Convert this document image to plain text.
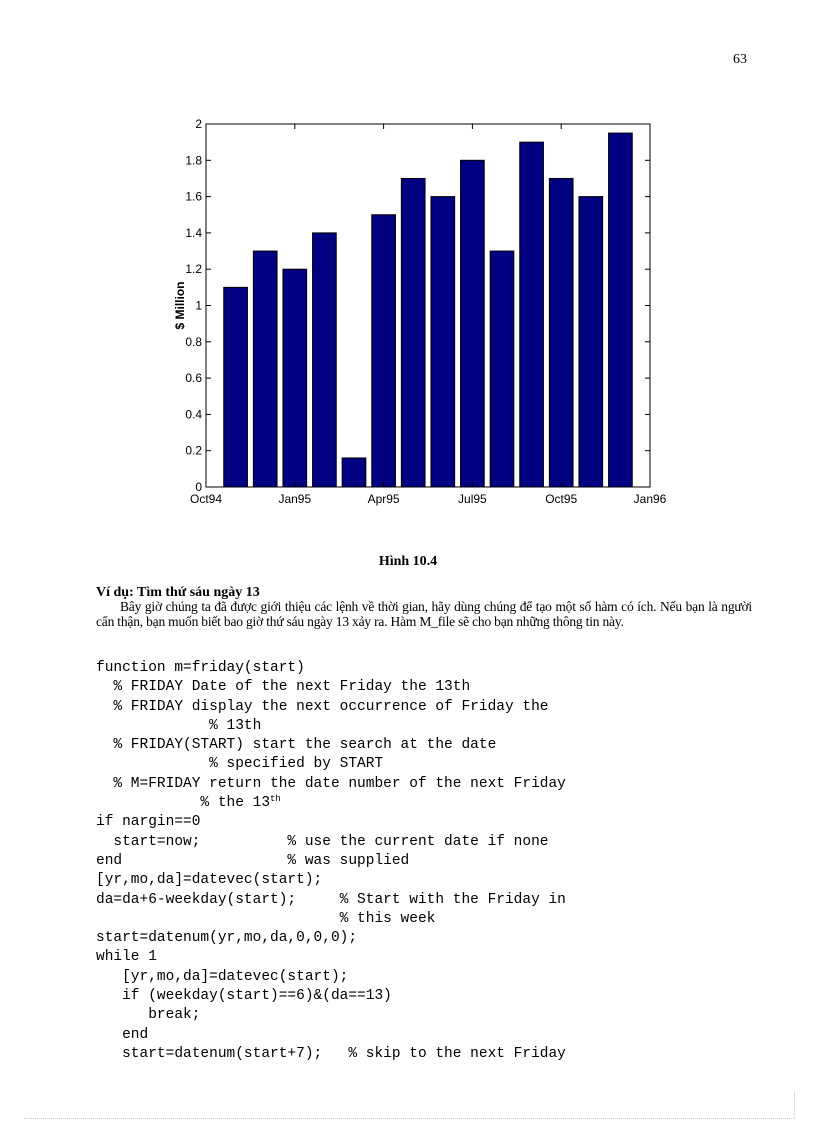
63
0
0.2
0.4
0.6
0.8
1
1.2
1.4
1.6
1.8
2
Oct94	Jan95	Apr95	Jul95	Oct95	Jan96
$ Million
Hình 10.4
Ví dụ: Tìm thứ sáu ngày 13
Bây giờ chúng ta đã được giới thiệu các lệnh về thời gian, hãy dùng chúng để tạo một số hàm có ích. Nếu bạn là người cẩn thận, bạn muốn biết bao giờ thứ sáu ngày 13 xảy ra. Hàm M_file sẽ cho bạn những thông tin này.
function m=friday(start)
% FRIDAY Date of the next Friday the 13th
% FRIDAY display the next occurrence of Friday the
% 13th
% FRIDAY(START) start the search at the date
% specified by START
% M=FRIDAY return the date number of the next Friday
% the 13th
if nargin==0
start=now;          % use the current date if none
end                   % was supplied
[yr,mo,da]=datevec(start);
da=da+6-weekday(start);     % Start with the Friday in
% this week
start=datenum(yr,mo,da,0,0,0);
while 1
[yr,mo,da]=datevec(start);
if (weekday(start)==6)&(da==13)
break;
end
start=datenum(start+7);   % skip to the next Friday
